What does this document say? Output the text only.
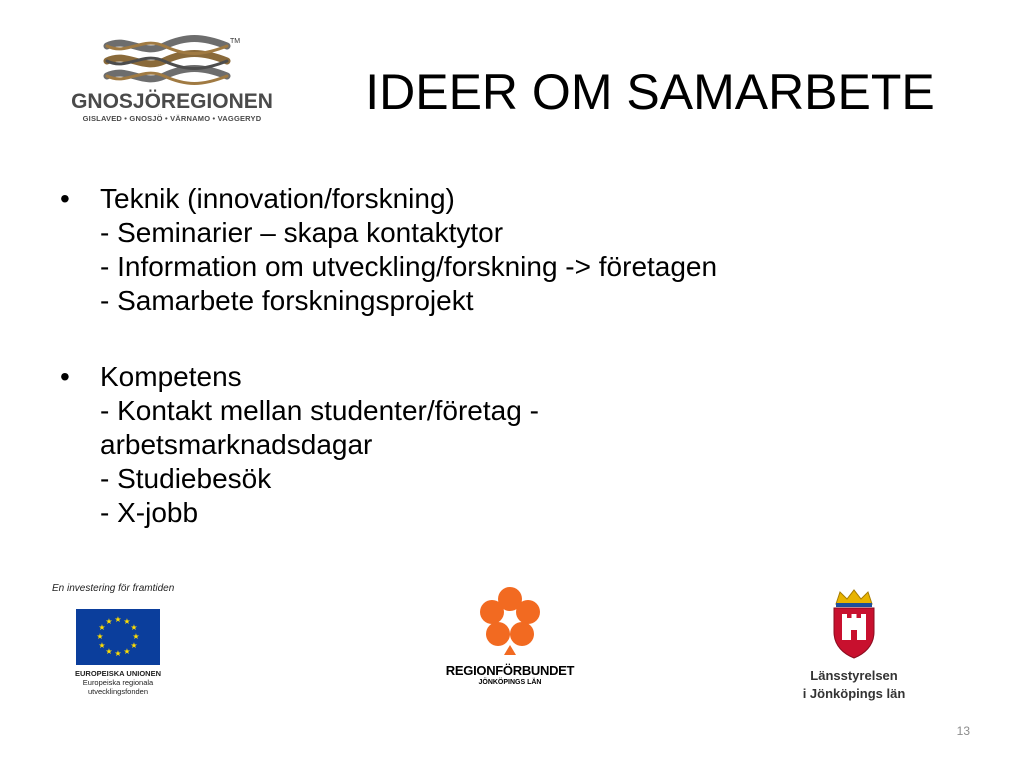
TM
GNOSJÖREGIONEN
GISLAVED • GNOSJÖ • VÄRNAMO • VAGGERYD	IDEER OM SAMARBETE
• Teknik (innovation/forskning)
- Seminarier – skapa kontaktytor
- Information om utveckling/forskning -> företagen
- Samarbete forskningsprojekt
• Kompetens
- Kontakt mellan studenter/företag -
arbetsmarknadsdagar
- Studiebesök
- X-jobb
En investering för framtiden
★ ★
★
★
★
★
★
★
★
★
★
★
EUROPEISKA UNIONEN
Europeiska regionala
utvecklingsfonden
REGIONFÖRBUNDET
JÖNKÖPINGS LÄN	Länsstyrelsen
i Jönköpings län
13
